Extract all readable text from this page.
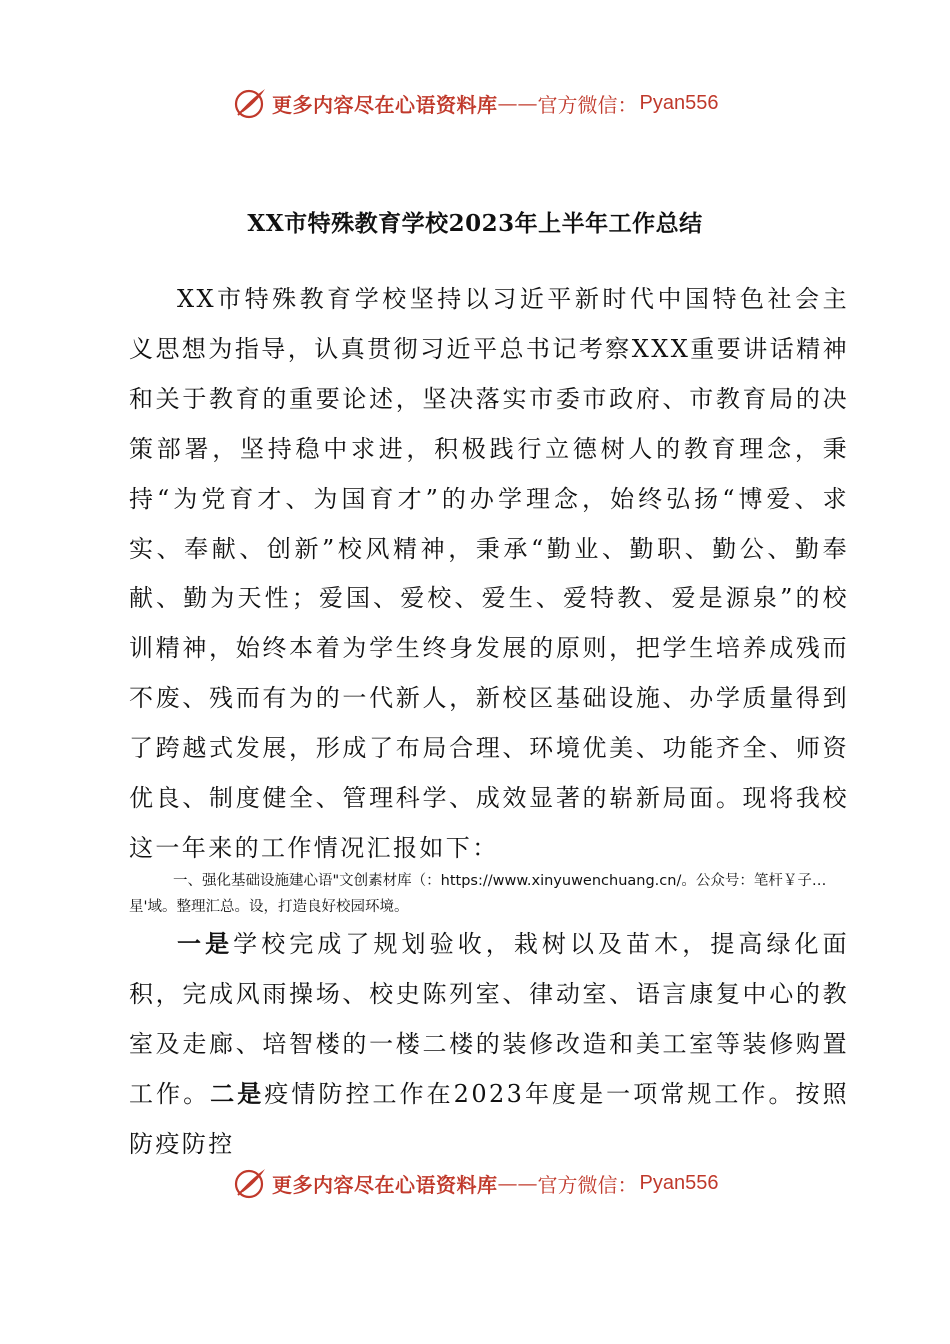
更多内容尽在心语资料库 —— 官方微信： Pyan556
XX市特殊教育学校2023年上半年工作总结

XX市特殊教育学校坚持以习近平新时代中国特色社会主义思想为指导，认真贯彻习近平总书记考察XXX重要讲话精神和关于教育的重要论述，坚决落实市委市政府、市教育局的决策部署，坚持稳中求进，积极践行立德树人的教育理念，秉持“为党育才、为国育才”的办学理念，始终弘扬“博爱、求实、奉献、创新”校风精神，秉承“勤业、勤职、勤公、勤奉献、勤为天性；爱国、爱校、爱生、爱特教、爱是源泉”的校训精神，始终本着为学生终身发展的原则，把学生培养成残而不废、残而有为的一代新人，新校区基础设施、办学质量得到了跨越式发展，形成了布局合理、环境优美、功能齐全、师资优良、制度健全、管理科学、成效显著的崭新局面。现将我校这一年来的工作情况汇报如下：

一、强化基础设施建心语"文创素材库（：https://www.xinyuwenchuang.cn/。公众号：笔杆￥子…星'域。整理汇总。设，打造良好校园环境。

一是学校完成了规划验收，栽树以及苗木，提高绿化面积，完成风雨操场、校史陈列室、律动室、语言康复中心的教室及走廊、培智楼的一楼二楼的装修改造和美工室等装修购置工作。二是疫情防控工作在2023年度是一项常规工作。按照防疫防控

更多内容尽在心语资料库 —— 官方微信： Pyan556
